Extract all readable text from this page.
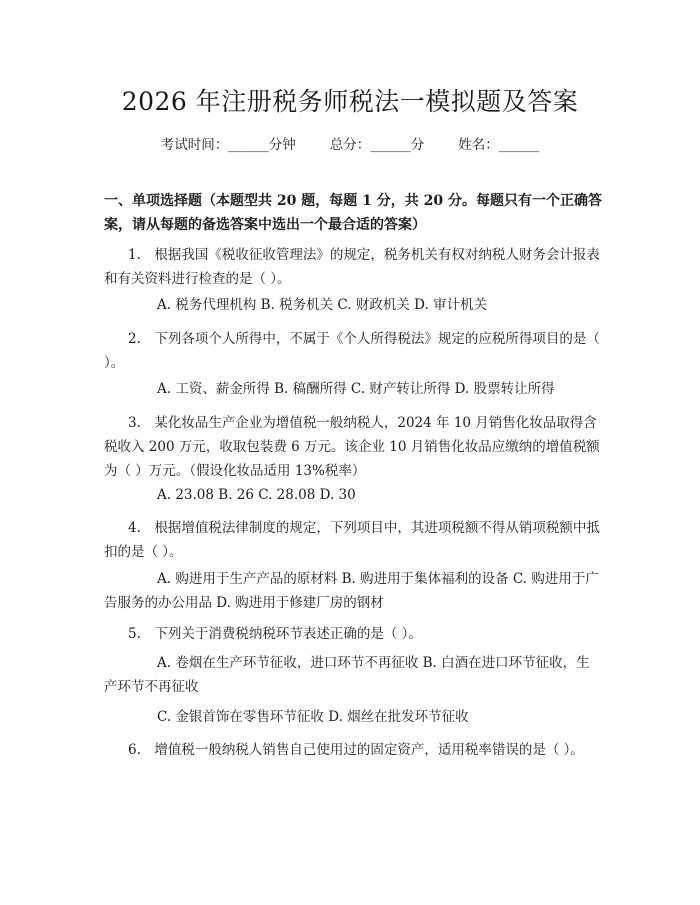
2026 年注册税务师税法一模拟题及答案
考试时间：______分钟	总分：______分	姓名：______
一、单项选择题（本题型共 20 题，每题 1 分，共 20 分。每题只有一个正确答案，请从每题的备选答案中选出一个最合适的答案）
1.　根据我国《税收征收管理法》的规定，税务机关有权对纳税人财务会计报表和有关资料进行检查的是（ ）。
A. 税务代理机构 B. 税务机关 C. 财政机关 D. 审计机关
2.　下列各项个人所得中，不属于《个人所得税法》规定的应税所得项目的是（ ）。
A. 工资、薪金所得 B. 稿酬所得 C. 财产转让所得 D. 股票转让所得
3.　某化妆品生产企业为增值税一般纳税人，2024 年 10 月销售化妆品取得含税收入 200 万元，收取包装费 6 万元。该企业 10 月销售化妆品应缴纳的增值税额为（ ）万元。（假设化妆品适用 13%税率）
A. 23.08 B. 26 C. 28.08 D. 30
4.　根据增值税法律制度的规定，下列项目中，其进项税额不得从销项税额中抵扣的是（ ）。
A. 购进用于生产产品的原材料 B. 购进用于集体福利的设备 C. 购进用于广告服务的办公用品 D. 购进用于修建厂房的钢材
5.　下列关于消费税纳税环节表述正确的是（ ）。
A. 卷烟在生产环节征收，进口环节不再征收 B. 白酒在进口环节征收，生产环节不再征收
C. 金银首饰在零售环节征收 D. 烟丝在批发环节征收
6.　增值税一般纳税人销售自己使用过的固定资产，适用税率错误的是（ ）。
